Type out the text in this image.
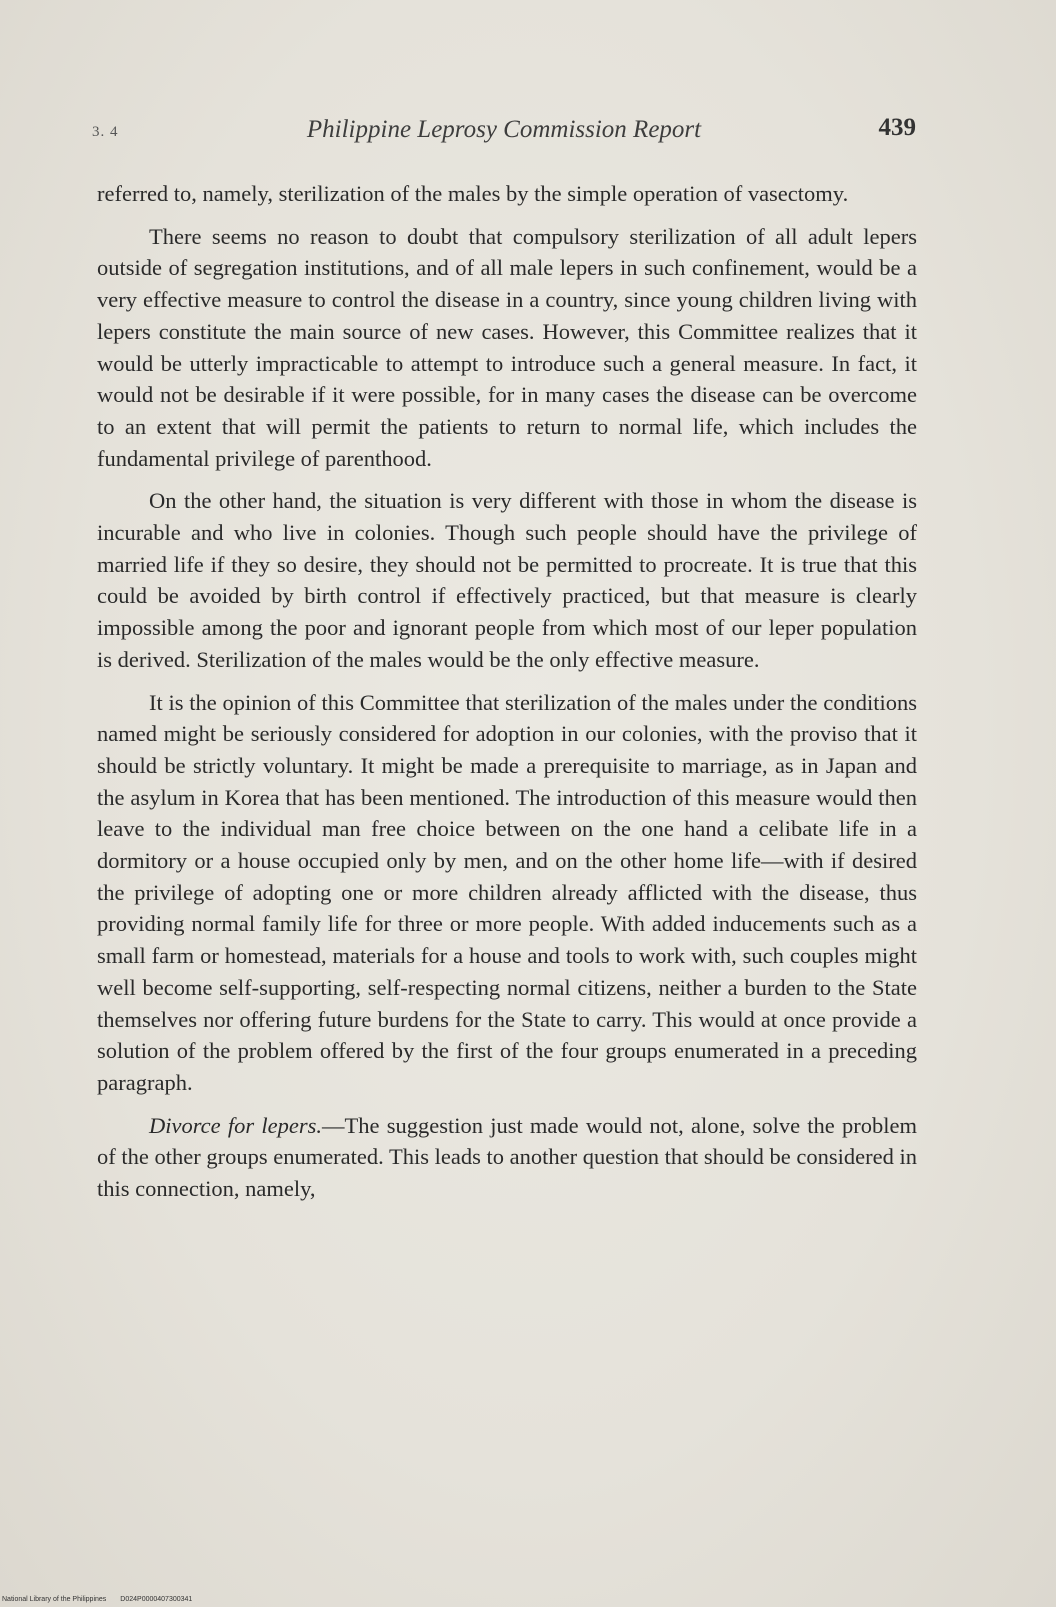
3. 4	Philippine Leprosy Commission Report	439

referred to, namely, sterilization of the males by the simple operation of vasectomy.

There seems no reason to doubt that compulsory sterilization of all adult lepers outside of segregation institutions, and of all male lepers in such confinement, would be a very effective measure to control the disease in a country, since young children living with lepers constitute the main source of new cases. However, this Committee realizes that it would be utterly impracticable to attempt to introduce such a general measure. In fact, it would not be desirable if it were possible, for in many cases the disease can be overcome to an extent that will permit the patients to return to normal life, which includes the fundamental privilege of parenthood.

On the other hand, the situation is very different with those in whom the disease is incurable and who live in colonies. Though such people should have the privilege of married life if they so desire, they should not be permitted to procreate. It is true that this could be avoided by birth control if effectively practiced, but that measure is clearly impossible among the poor and ignorant people from which most of our leper population is derived. Sterilization of the males would be the only effective measure.

It is the opinion of this Committee that sterilization of the males under the conditions named might be seriously considered for adoption in our colonies, with the proviso that it should be strictly voluntary. It might be made a prerequisite to marriage, as in Japan and the asylum in Korea that has been mentioned. The introduction of this measure would then leave to the individual man free choice between on the one hand a celibate life in a dormitory or a house occupied only by men, and on the other home life—with if desired the privilege of adopting one or more children already afflicted with the disease, thus providing normal family life for three or more people. With added inducements such as a small farm or homestead, materials for a house and tools to work with, such couples might well become self-supporting, self-respecting normal citizens, neither a burden to the State themselves nor offering future burdens for the State to carry. This would at once provide a solution of the problem offered by the first of the four groups enumerated in a preceding paragraph.

Divorce for lepers.—The suggestion just made would not, alone, solve the problem of the other groups enumerated. This leads to another question that should be considered in this connection, namely,

National Library of the Philippines D024P0000407300341
